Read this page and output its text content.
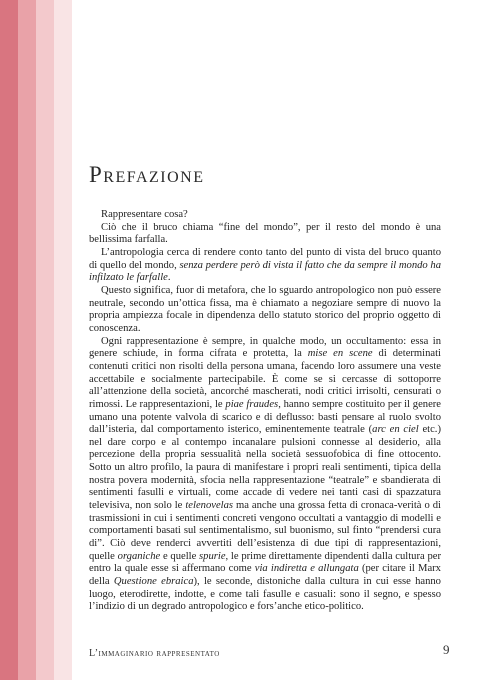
Prefazione

Rappresentare cosa?

Ciò che il bruco chiama “fine del mondo”, per il resto del mondo è una bellissima farfalla.

L’antropologia cerca di rendere conto tanto del punto di vista del bruco quanto di quello del mondo, senza perdere però di vista il fatto che da sempre il mondo ha infilzato le farfalle.

Questo significa, fuor di metafora, che lo sguardo antropologico non può essere neutrale, secondo un’ottica fissa, ma è chiamato a negoziare sempre di nuovo la propria ampiezza focale in dipendenza dello statuto storico del proprio oggetto di conoscenza.

Ogni rappresentazione è sempre, in qualche modo, un occultamento: essa in genere schiude, in forma cifrata e protetta, la mise en scene di determinati contenuti critici non risolti della persona umana, facendo loro assumere una veste accettabile e socialmente partecipabile. È come se si cercasse di sottoporre all’attenzione della società, ancorché mascherati, nodi critici irrisolti, censurati o rimossi. Le rappresentazioni, le piae fraudes, hanno sempre costituito per il genere umano una potente valvola di scarico e di deflusso: basti pensare al ruolo svolto dall’isteria, dal comportamento isterico, eminentemente teatrale (arc en ciel etc.) nel dare corpo e al contempo incanalare pulsioni connesse al desiderio, alla percezione della propria sessualità nella società sessuofobica di fine ottocento. Sotto un altro profilo, la paura di manifestare i propri reali sentimenti, tipica della nostra povera modernità, sfocia nella rappresentazione “teatrale” e sbandierata di sentimenti fasulli e virtuali, come accade di vedere nei tanti casi di spazzatura televisiva, non solo le telenovelas ma anche una grossa fetta di cronaca-verità o di trasmissioni in cui i sentimenti concreti vengono occultati a vantaggio di modelli e comportamenti basati sul sentimentalismo, sul buonismo, sul finto “prendersi cura di”. Ciò deve renderci avvertiti dell’esistenza di due tipi di rappresentazioni, quelle organiche e quelle spurie, le prime direttamente dipendenti dalla cultura per entro la quale esse si affermano come via indiretta e allungata (per citare il Marx della Questione ebraica), le seconde, distoniche dalla cultura in cui esse hanno luogo, eterodirette, indotte, e come tali fasulle e casuali: sono il segno, e spesso l’indizio di un degrado antropologico e fors’anche etico-politico.

L’immaginario rappresentato	9
